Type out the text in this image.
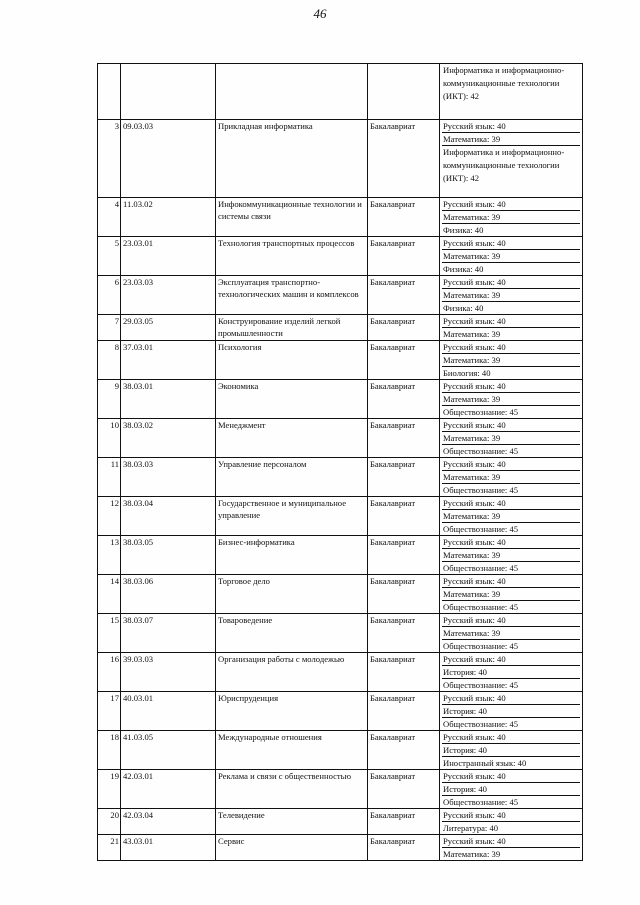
46

				Информатика и информационно-коммуникационные технологии (ИКТ): 42

3	09.03.03	Прикладная информатика	Бакалавриат	Русский язык: 40
Математика: 39
Информатика и информационно-коммуникационные технологии (ИКТ): 42

4	11.03.02	Инфокоммуникационные технологии и системы связи	Бакалавриат	Русский язык: 40
Математика: 39
Физика: 40

5	23.03.01	Технология транспортных процессов	Бакалавриат	Русский язык: 40
Математика: 39
Физика: 40

6	23.03.03	Эксплуатация транспортно-технологических машин и комплексов	Бакалавриат	Русский язык: 40
Математика: 39
Физика: 40

7	29.03.05	Конструирование изделий легкой промышленности	Бакалавриат	Русский язык: 40
Математика: 39

8	37.03.01	Психология	Бакалавриат	Русский язык: 40
Математика: 39
Биология: 40

9	38.03.01	Экономика	Бакалавриат	Русский язык: 40
Математика: 39
Обществознание: 45

10	38.03.02	Менеджмент	Бакалавриат	Русский язык: 40
Математика: 39
Обществознание: 45

11	38.03.03	Управление персоналом	Бакалавриат	Русский язык: 40
Математика: 39
Обществознание: 45

12	38.03.04	Государственное и муниципальное управление	Бакалавриат	Русский язык: 40
Математика: 39
Обществознание: 45

13	38.03.05	Бизнес-информатика	Бакалавриат	Русский язык: 40
Математика: 39
Обществознание: 45

14	38.03.06	Торговое дело	Бакалавриат	Русский язык: 40
Математика: 39
Обществознание: 45

15	38.03.07	Товароведение	Бакалавриат	Русский язык: 40
Математика: 39
Обществознание: 45

16	39.03.03	Организация работы с молодежью	Бакалавриат	Русский язык: 40
История: 40
Обществознание: 45

17	40.03.01	Юриспруденция	Бакалавриат	Русский язык: 40
История: 40
Обществознание: 45

18	41.03.05	Международные отношения	Бакалавриат	Русский язык: 40
История: 40
Иностранный язык: 40

19	42.03.01	Реклама и связи с общественностью	Бакалавриат	Русский язык: 40
История: 40
Обществознание: 45

20	42.03.04	Телевидение	Бакалавриат	Русский язык: 40
Литература: 40

21	43.03.01	Сервис	Бакалавриат	Русский язык: 40
Математика: 39
